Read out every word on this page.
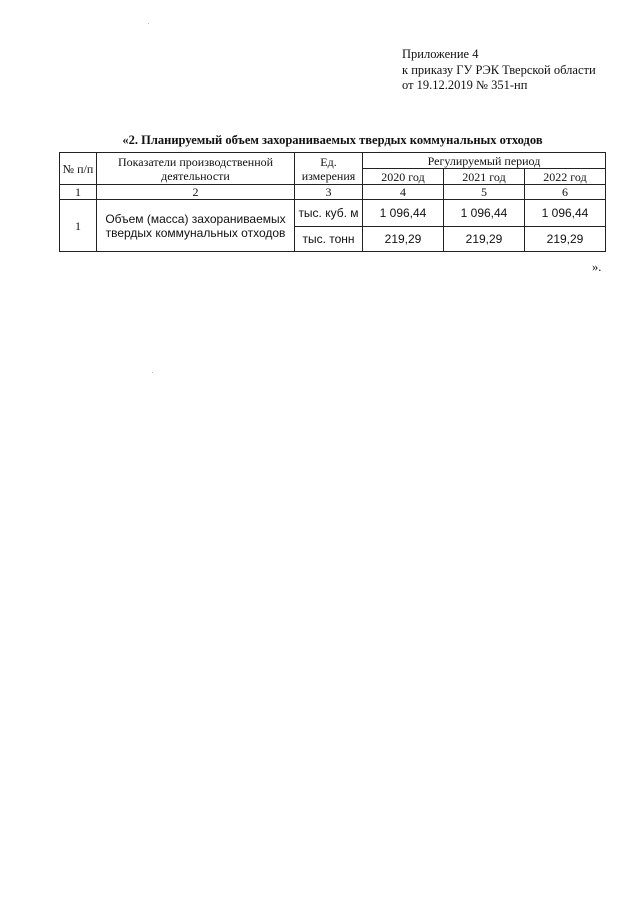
Приложение 4
к приказу ГУ РЭК Тверской области
от 19.12.2019 № 351-нп
«2. Планируемый объем захораниваемых твердых коммунальных отходов
№ п/п	Показатели производственной деятельности	Ед. измерения	Регулируемый период		
			2020 год	2021 год	2022 год
1	2	3	4	5	6
1	Объем (масса) захораниваемых твердых коммунальных отходов	тыс. куб. м	1 096,44	1 096,44	1 096,44
		тыс. тонн	219,29	219,29	219,29
».
